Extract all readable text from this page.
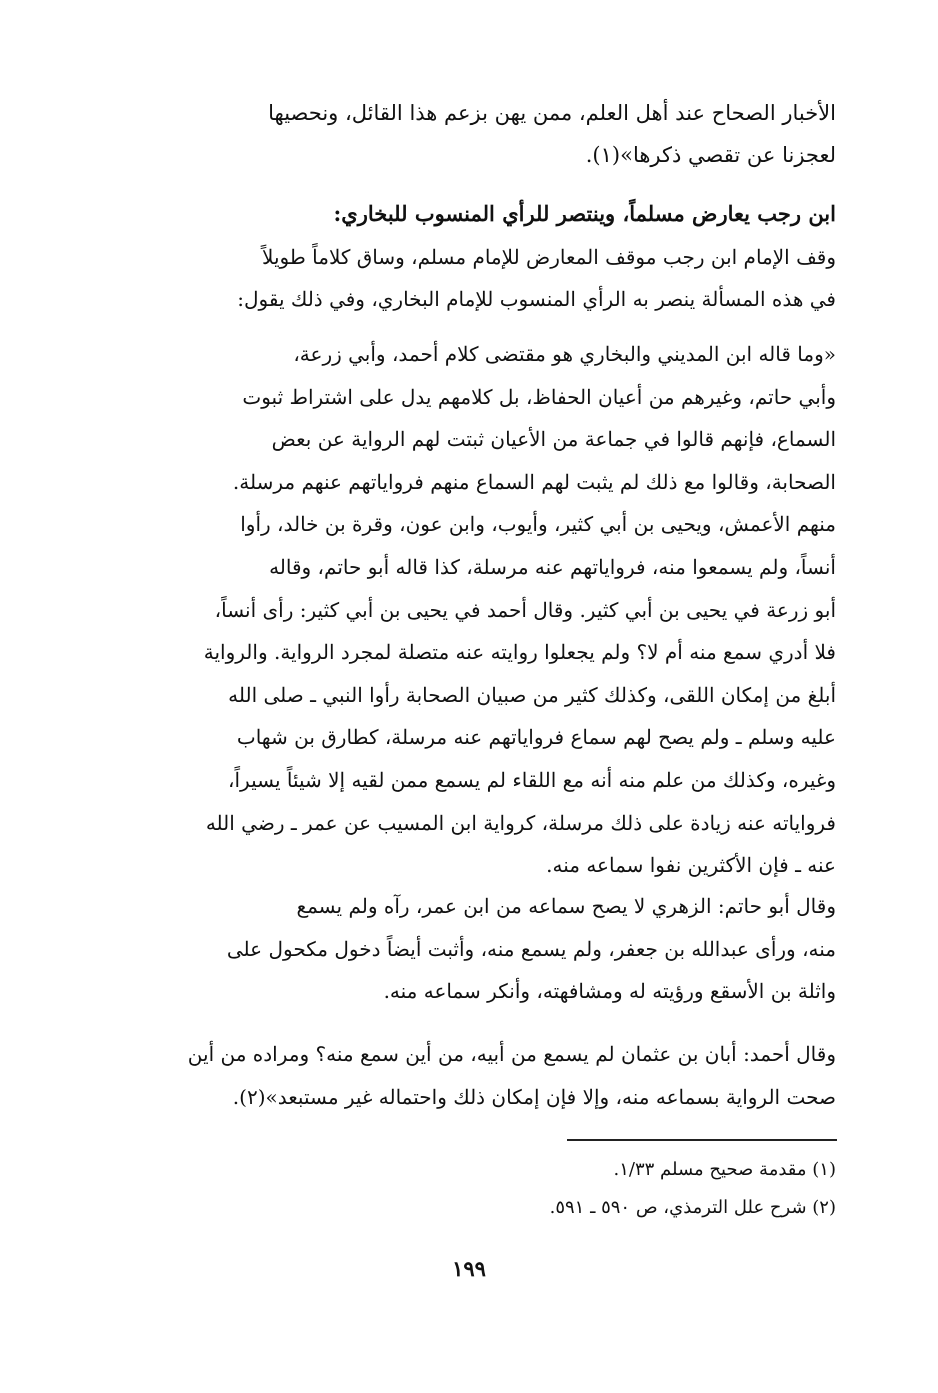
الأخبار الصحاح عند أهل العلم، ممن يهن بزعم هذا القائل، ونحصيها
لعجزنا عن تقصي ذكرها»(١).
ابن رجب يعارض مسلماً، وينتصر للرأي المنسوب للبخاري:
وقف الإمام ابن رجب موقف المعارض للإمام مسلم، وساق كلاماً طويلاً
في هذه المسألة ينصر به الرأي المنسوب للإمام البخاري، وفي ذلك يقول:
«وما قاله ابن المديني والبخاري هو مقتضى كلام أحمد، وأبي زرعة،
وأبي حاتم، وغيرهم من أعيان الحفاظ، بل كلامهم يدل على اشتراط ثبوت
السماع، فإنهم قالوا في جماعة من الأعيان ثبتت لهم الرواية عن بعض
الصحابة، وقالوا مع ذلك لم يثبت لهم السماع منهم فرواياتهم عنهم مرسلة.
منهم الأعمش، ويحيى بن أبي كثير، وأيوب، وابن عون، وقرة بن خالد، رأوا
أنساً، ولم يسمعوا منه، فرواياتهم عنه مرسلة، كذا قاله أبو حاتم، وقاله
أبو زرعة في يحيى بن أبي كثير. وقال أحمد في يحيى بن أبي كثير: رأى أنساً،
فلا أدري سمع منه أم لا؟ ولم يجعلوا روايته عنه متصلة لمجرد الرواية. والرواية
أبلغ من إمكان اللقى، وكذلك كثير من صبيان الصحابة رأوا النبي ـ صلى الله
عليه وسلم ـ ولم يصح لهم سماع فرواياتهم عنه مرسلة، كطارق بن شهاب
وغيره، وكذلك من علم منه أنه مع اللقاء لم يسمع ممن لقيه إلا شيئاً يسيراً،
فرواياته عنه زيادة على ذلك مرسلة، كرواية ابن المسيب عن عمر ـ رضي الله
عنه ـ فإن الأكثرين نفوا سماعه منه.
وقال أبو حاتم: الزهري لا يصح سماعه من ابن عمر، رآه ولم يسمع
منه، ورأى عبدالله بن جعفر، ولم يسمع منه، وأثبت أيضاً دخول مكحول على
واثلة بن الأسقع ورؤيته له ومشافهته، وأنكر سماعه منه.
وقال أحمد: أبان بن عثمان لم يسمع من أبيه، من أين سمع منه؟ ومراده من أين
صحت الرواية بسماعه منه، وإلا فإن إمكان ذلك واحتماله غير مستبعد»(٢).
(١) مقدمة صحيح مسلم ١/٣٣.
(٢) شرح علل الترمذي، ص ٥٩٠ ـ ٥٩١.
١٩٩
